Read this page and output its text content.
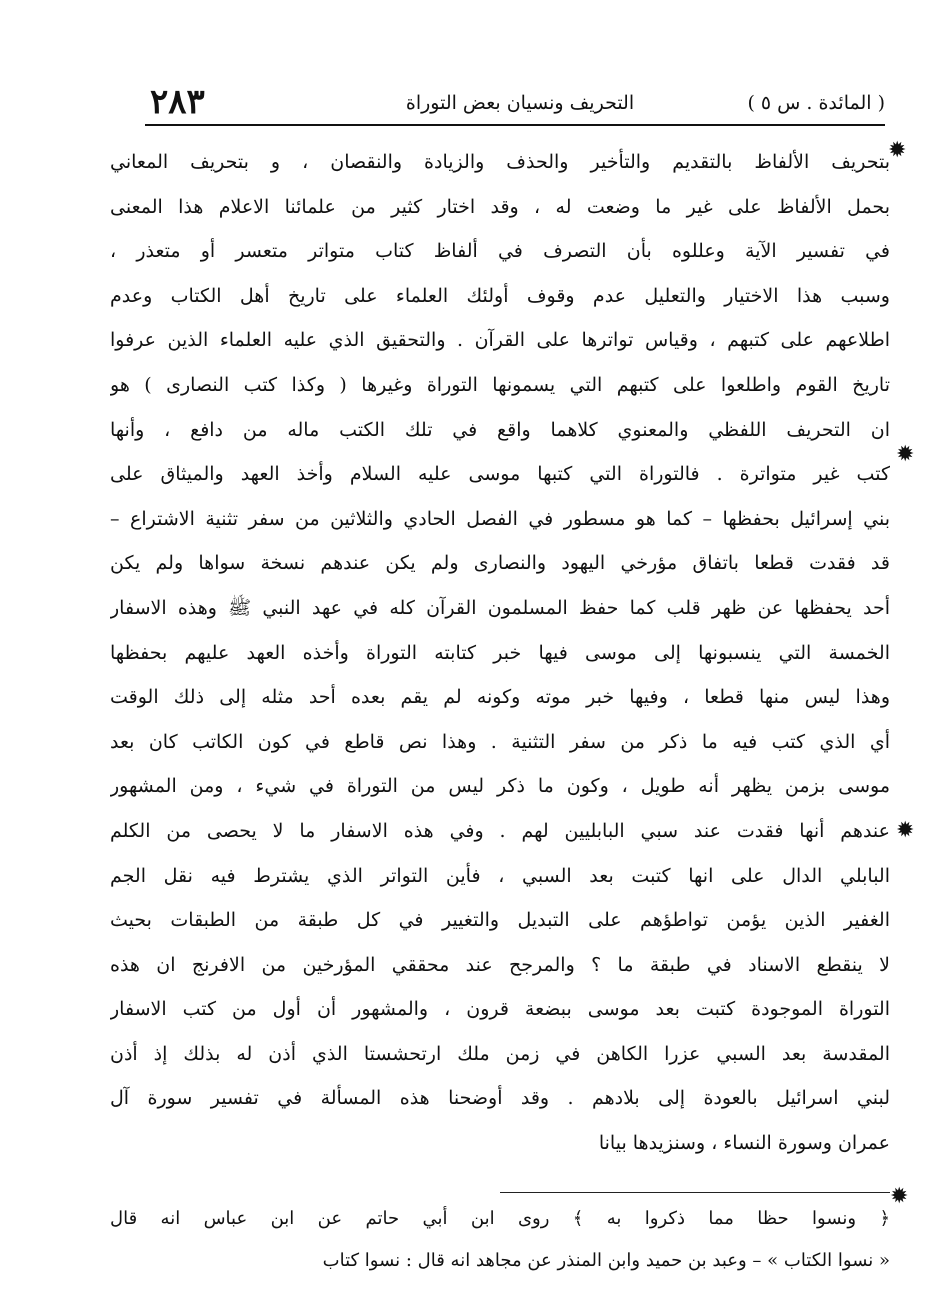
٢٨٣	التحريف ونسيان بعض التوراة	( المائدة . س ٥ )
بتحريف الألفاظ بالتقديم والتأخير والحذف والزيادة والنقصان ، و بتحريف المعاني
بحمل الألفاظ على غير ما وضعت له ، وقد اختار كثير من علمائنا الاعلام هذا المعنى
في تفسير الآية وعللوه بأن التصرف في ألفاظ كتاب متواتر متعسر أو متعذر ،
وسبب هذا الاختيار والتعليل عدم وقوف أولئك العلماء على تاريخ أهل الكتاب وعدم
اطلاعهم على كتبهم ، وقياس تواترها على القرآن . والتحقيق الذي عليه العلماء الذين عرفوا
تاريخ القوم واطلعوا على كتبهم التي يسمونها التوراة وغيرها ( وكذا كتب النصارى ) هو
ان التحريف اللفظي والمعنوي كلاهما واقع في تلك الكتب ماله من دافع ، وأنها
كتب غير متواترة . فالتوراة التي كتبها موسى عليه السلام وأخذ العهد والميثاق على
بني إسرائيل بحفظها – كما هو مسطور في الفصل الحادي والثلاثين من سفر تثنية الاشتراع –
قد فقدت قطعا باتفاق مؤرخي اليهود والنصارى ولم يكن عندهم نسخة سواها ولم يكن
أحد يحفظها عن ظهر قلب كما حفظ المسلمون القرآن كله في عهد النبي ﷺ وهذه الاسفار
الخمسة التي ينسبونها إلى موسى فيها خبر كتابته التوراة وأخذه العهد عليهم بحفظها
وهذا ليس منها قطعا ، وفيها خبر موته وكونه لم يقم بعده أحد مثله إلى ذلك الوقت
أي الذي كتب فيه ما ذكر من سفر التثنية . وهذا نص قاطع في كون الكاتب كان بعد
موسى بزمن يظهر أنه طويل ، وكون ما ذكر ليس من التوراة في شيء ، ومن المشهور
عندهم أنها فقدت عند سبي البابليين لهم . وفي هذه الاسفار ما لا يحصى من الكلم
البابلي الدال على انها كتبت بعد السبي ، فأين التواتر الذي يشترط فيه نقل الجم
الغفير الذين يؤمن تواطؤهم على التبديل والتغيير في كل طبقة من الطبقات بحيث
لا ينقطع الاسناد في طبقة ما ؟ والمرجح عند محققي المؤرخين من الافرنج ان هذه
التوراة الموجودة كتبت بعد موسى ببضعة قرون ، والمشهور أن أول من كتب الاسفار
المقدسة بعد السبي عزرا الكاهن في زمن ملك ارتحشستا الذي أذن له بذلك إذ أذن
لبني اسرائيل بالعودة إلى بلادهم . وقد أوضحنا هذه المسألة في تفسير سورة آل
عمران وسورة النساء ، وسنزيدها بيانا
﴿ ونسوا حظا مما ذكروا به ﴾ روى ابن أبي حاتم عن ابن عباس انه قال
« نسوا الكتاب » – وعبد بن حميد وابن المنذر عن مجاهد انه قال : نسوا كتاب
✹
✹
✹
✹
